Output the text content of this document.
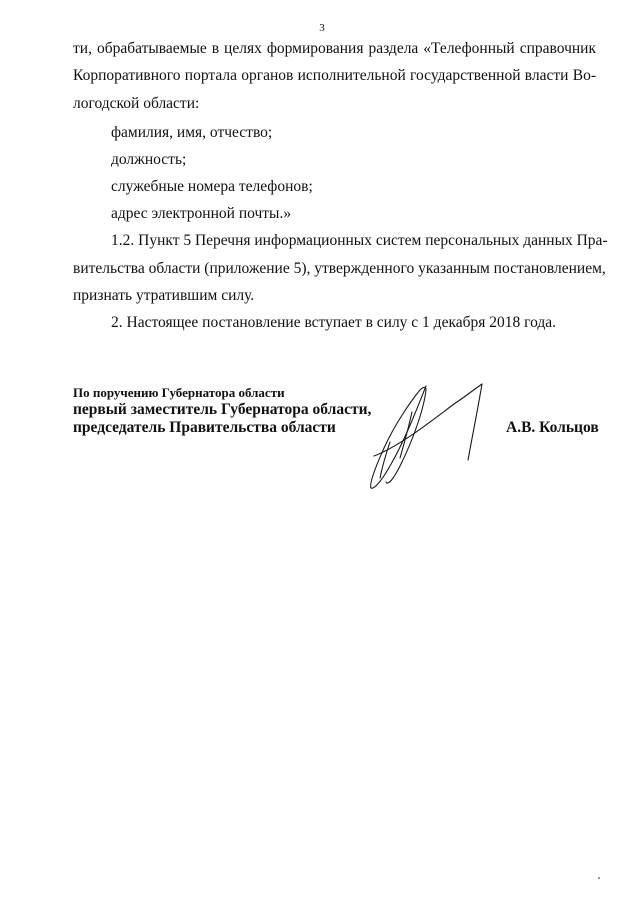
3
ти, обрабатываемые в целях формирования раздела «Телефонный справочник
Корпоративного портала органов исполнительной государственной власти Во-
логодской области:
фамилия, имя, отчество;
должность;
служебные номера телефонов;
адрес электронной почты.»
1.2. Пункт 5 Перечня информационных систем персональных данных Пра-
вительства области (приложение 5), утвержденного указанным постановлением,
признать утратившим силу.
2. Настоящее постановление вступает в силу с 1 декабря 2018 года.
По поручению Губернатора области
первый заместитель Губернатора области,
председатель Правительства области	А.В. Кольцов
